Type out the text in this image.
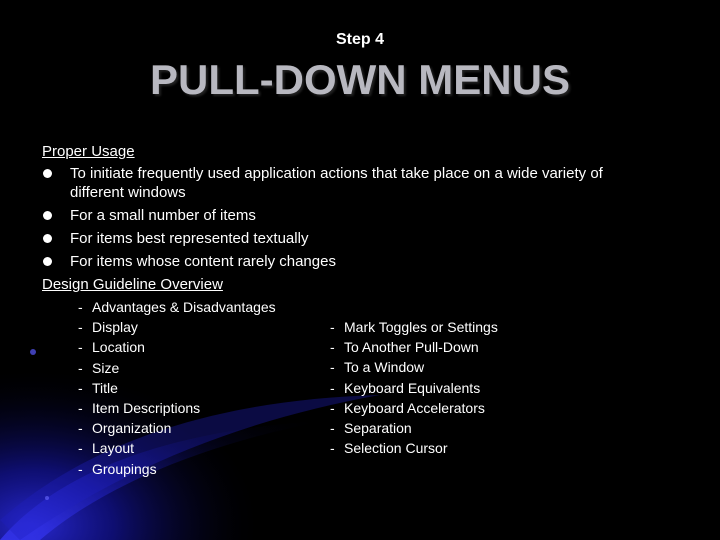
Step 4
PULL-DOWN MENUS
Proper Usage
To initiate frequently used application actions that take place on a wide variety of
different windows
For a small number of items
For items best represented textually
For items whose content rarely changes
Design Guideline Overview
- Advantages & Disadvantages
- Display
- Location
- Size
- Title
- Item Descriptions
- Organization
- Layout
- Groupings
- Mark Toggles or Settings
- To Another Pull-Down
- To a Window
- Keyboard Equivalents
- Keyboard Accelerators
- Separation
- Selection Cursor
